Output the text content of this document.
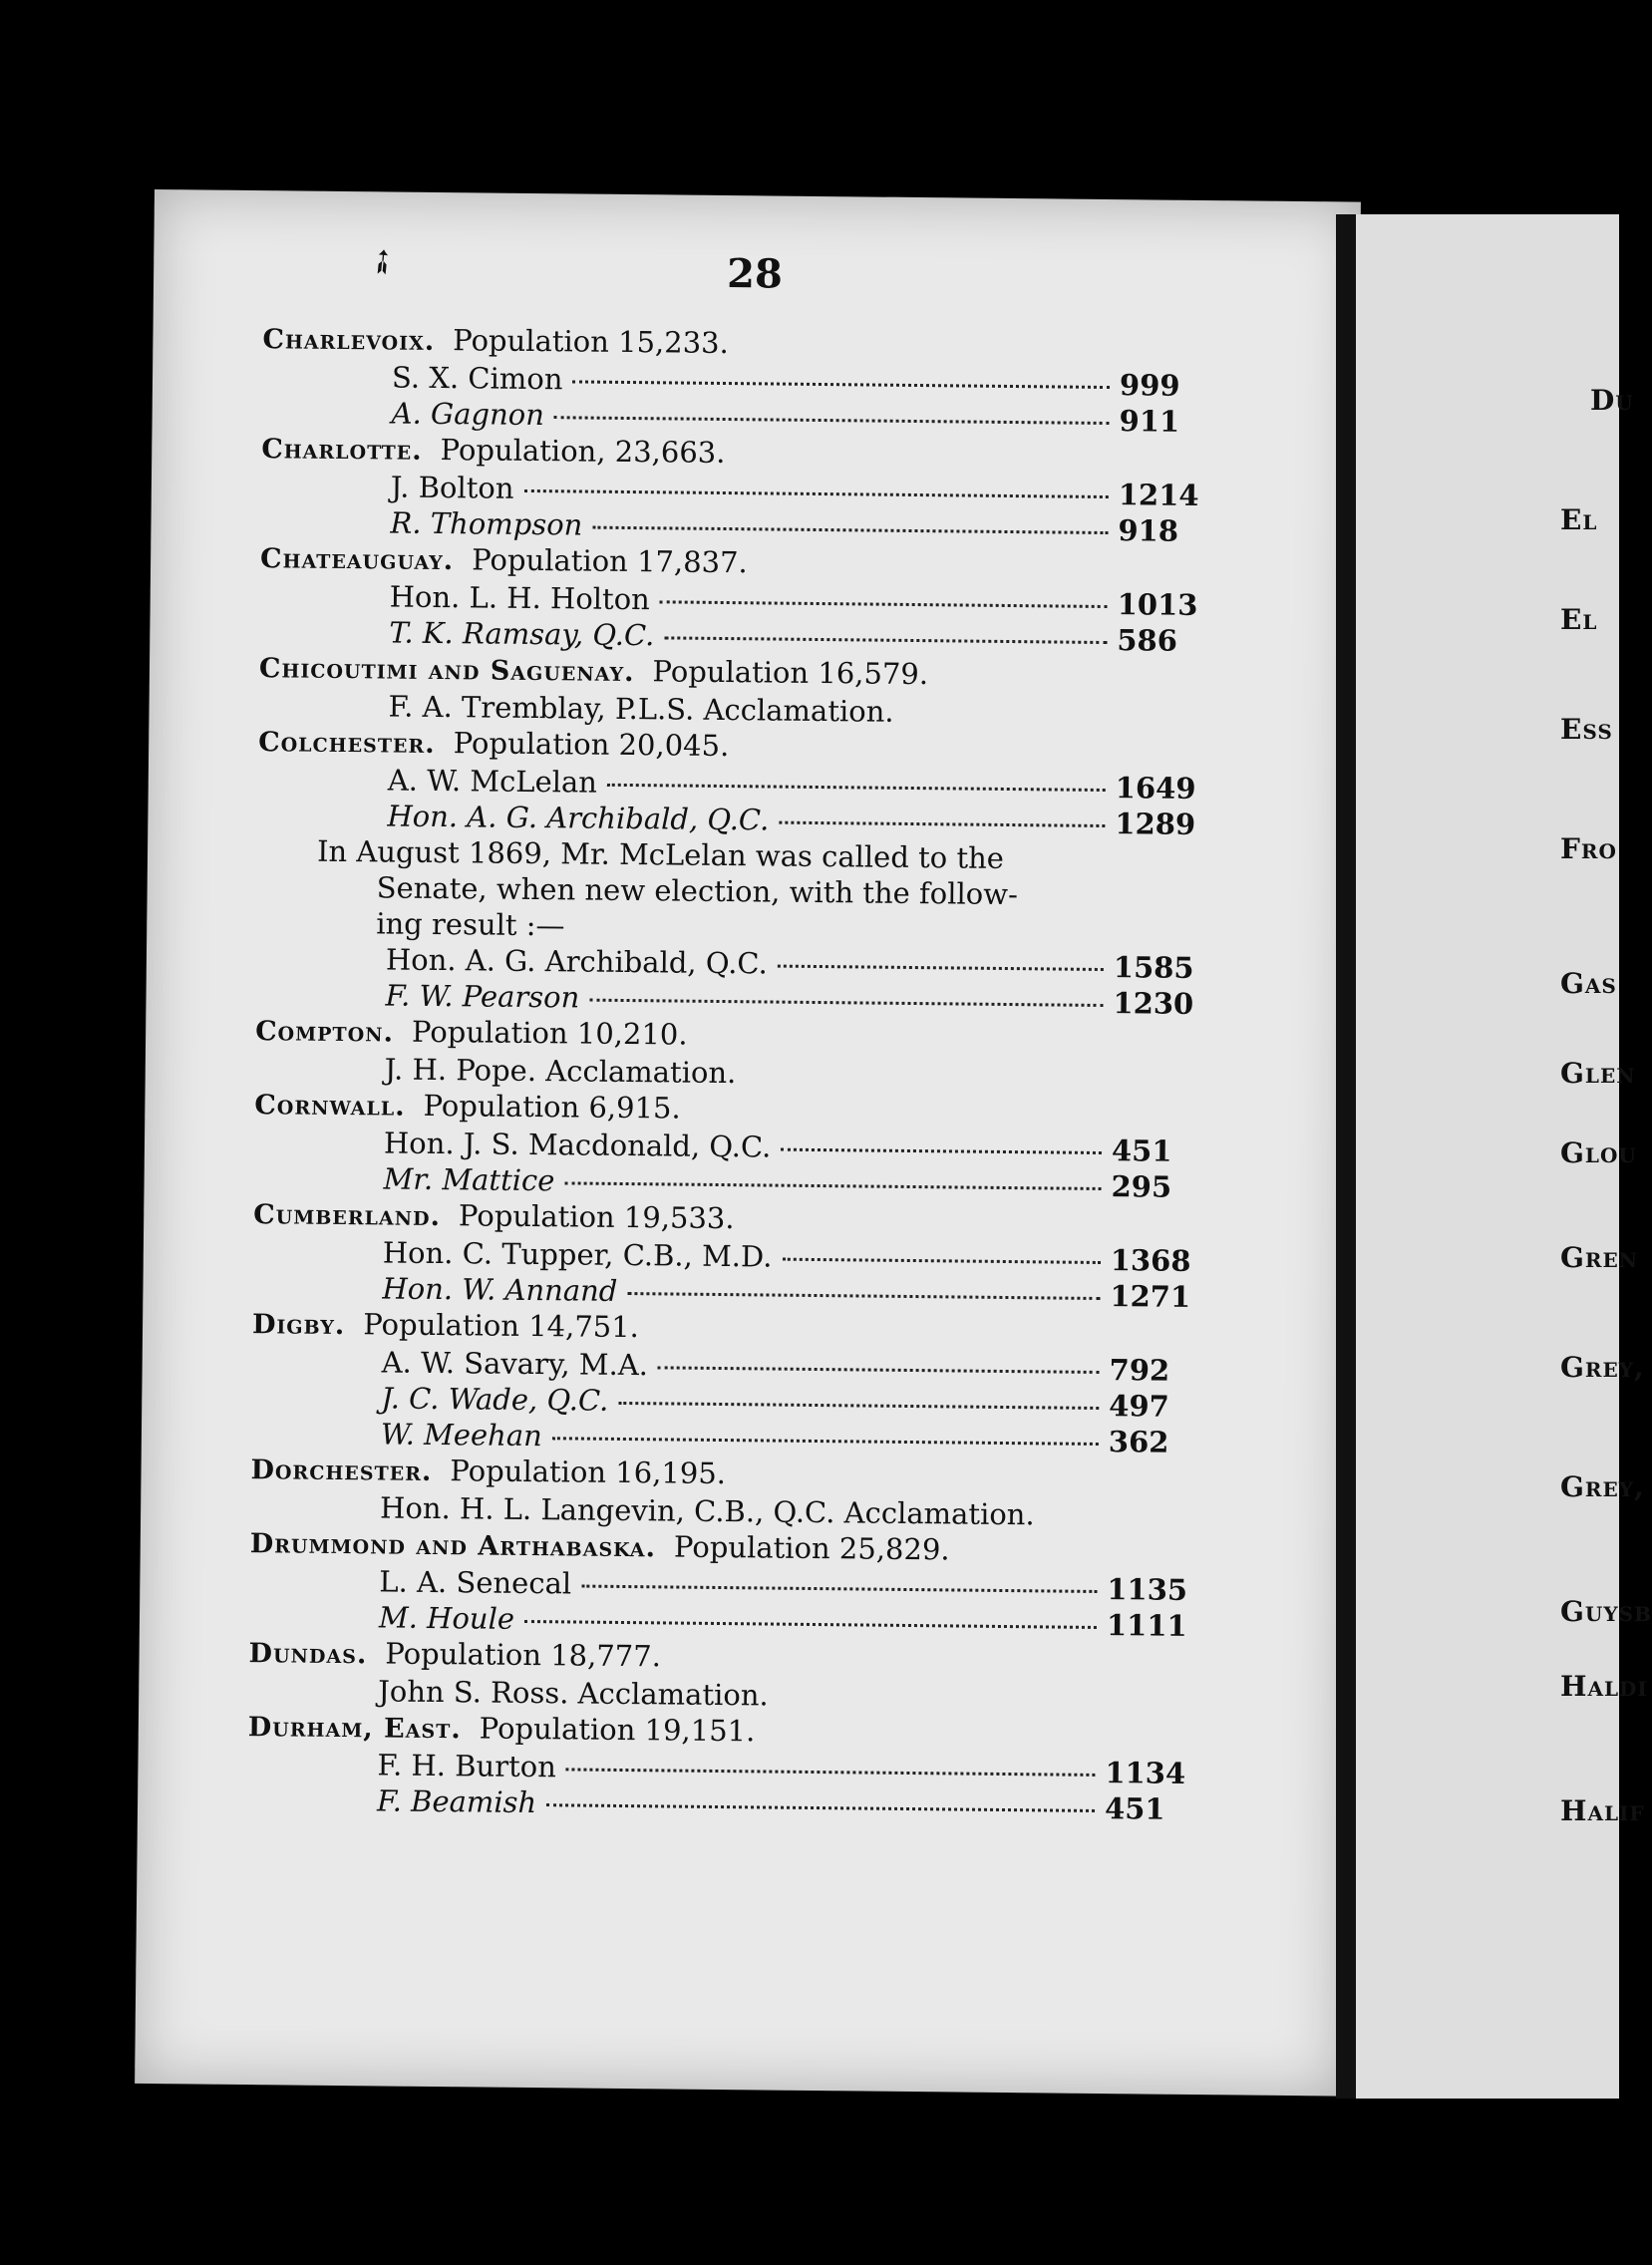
➶	28
Charlevoix. Population 15,233.
S. X. Cimon	999
A. Gagnon	911
Charlotte. Population, 23,663.
J. Bolton	1214
R. Thompson	918
Chateauguay. Population 17,837.
Hon. L. H. Holton	1013
T. K. Ramsay, Q.C.	586
Chicoutimi and Saguenay. Population 16,579.
F. A. Tremblay, P.L.S. Acclamation.
Colchester. Population 20,045.
A. W. McLelan	1649
Hon. A. G. Archibald, Q.C.	1289
In August 1869, Mr. McLelan was called to the
Senate, when new election, with the follow-
ing result :—
Hon. A. G. Archibald, Q.C.	1585
F. W. Pearson	1230
Compton. Population 10,210.
J. H. Pope. Acclamation.
Cornwall. Population 6,915.
Hon. J. S. Macdonald, Q.C.	451
Mr. Mattice	295
Cumberland. Population 19,533.
Hon. C. Tupper, C.B., M.D.	1368
Hon. W. Annand	1271
Digby. Population 14,751.
A. W. Savary, M.A.	792
J. C. Wade, Q.C.	497
W. Meehan	362
Dorchester. Population 16,195.
Hon. H. L. Langevin, C.B., Q.C. Acclamation.
Drummond and Arthabaska. Population 25,829.
L. A. Senecal	1135
M. Houle	1111
Dundas. Population 18,777.
John S. Ross. Acclamation.
Durham, East. Population 19,151.
F. H. Burton	1134
F. Beamish	451
Du
El
El
Ess
Fro
Gas
Glen
Glou
Gren
Grey,
Grey,
Guysb
Haldi
Halif
